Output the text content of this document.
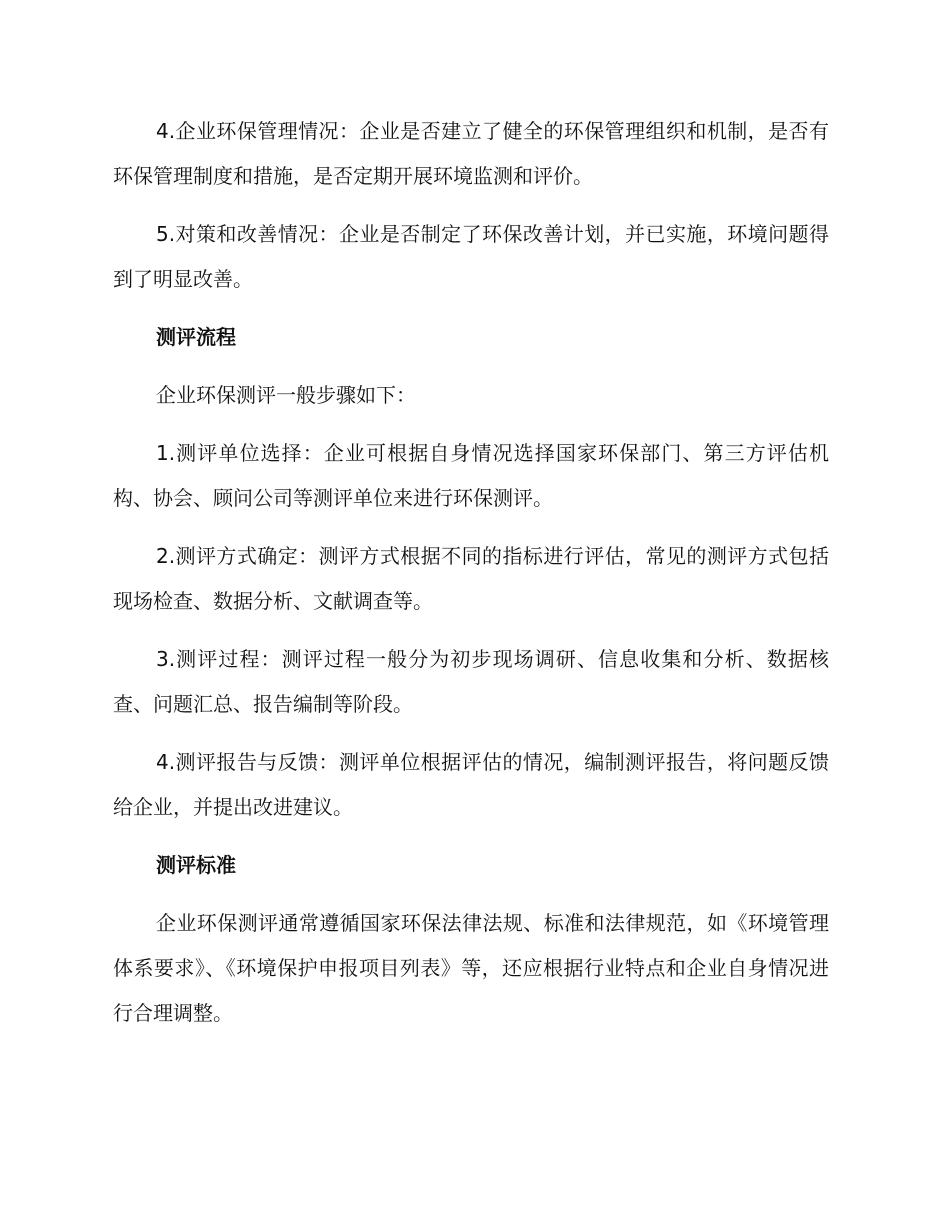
4.企业环保管理情况：企业是否建立了健全的环保管理组织和机制，是否有环保管理制度和措施，是否定期开展环境监测和评价。

5.对策和改善情况：企业是否制定了环保改善计划，并已实施，环境问题得到了明显改善。

测评流程

企业环保测评一般步骤如下：

1.测评单位选择：企业可根据自身情况选择国家环保部门、第三方评估机构、协会、顾问公司等测评单位来进行环保测评。

2.测评方式确定：测评方式根据不同的指标进行评估，常见的测评方式包括现场检查、数据分析、文献调查等。

3.测评过程：测评过程一般分为初步现场调研、信息收集和分析、数据核查、问题汇总、报告编制等阶段。

4.测评报告与反馈：测评单位根据评估的情况，编制测评报告，将问题反馈给企业，并提出改进建议。

测评标准

企业环保测评通常遵循国家环保法律法规、标准和法律规范，如《环境管理体系要求》、《环境保护申报项目列表》等，还应根据行业特点和企业自身情况进行合理调整。
